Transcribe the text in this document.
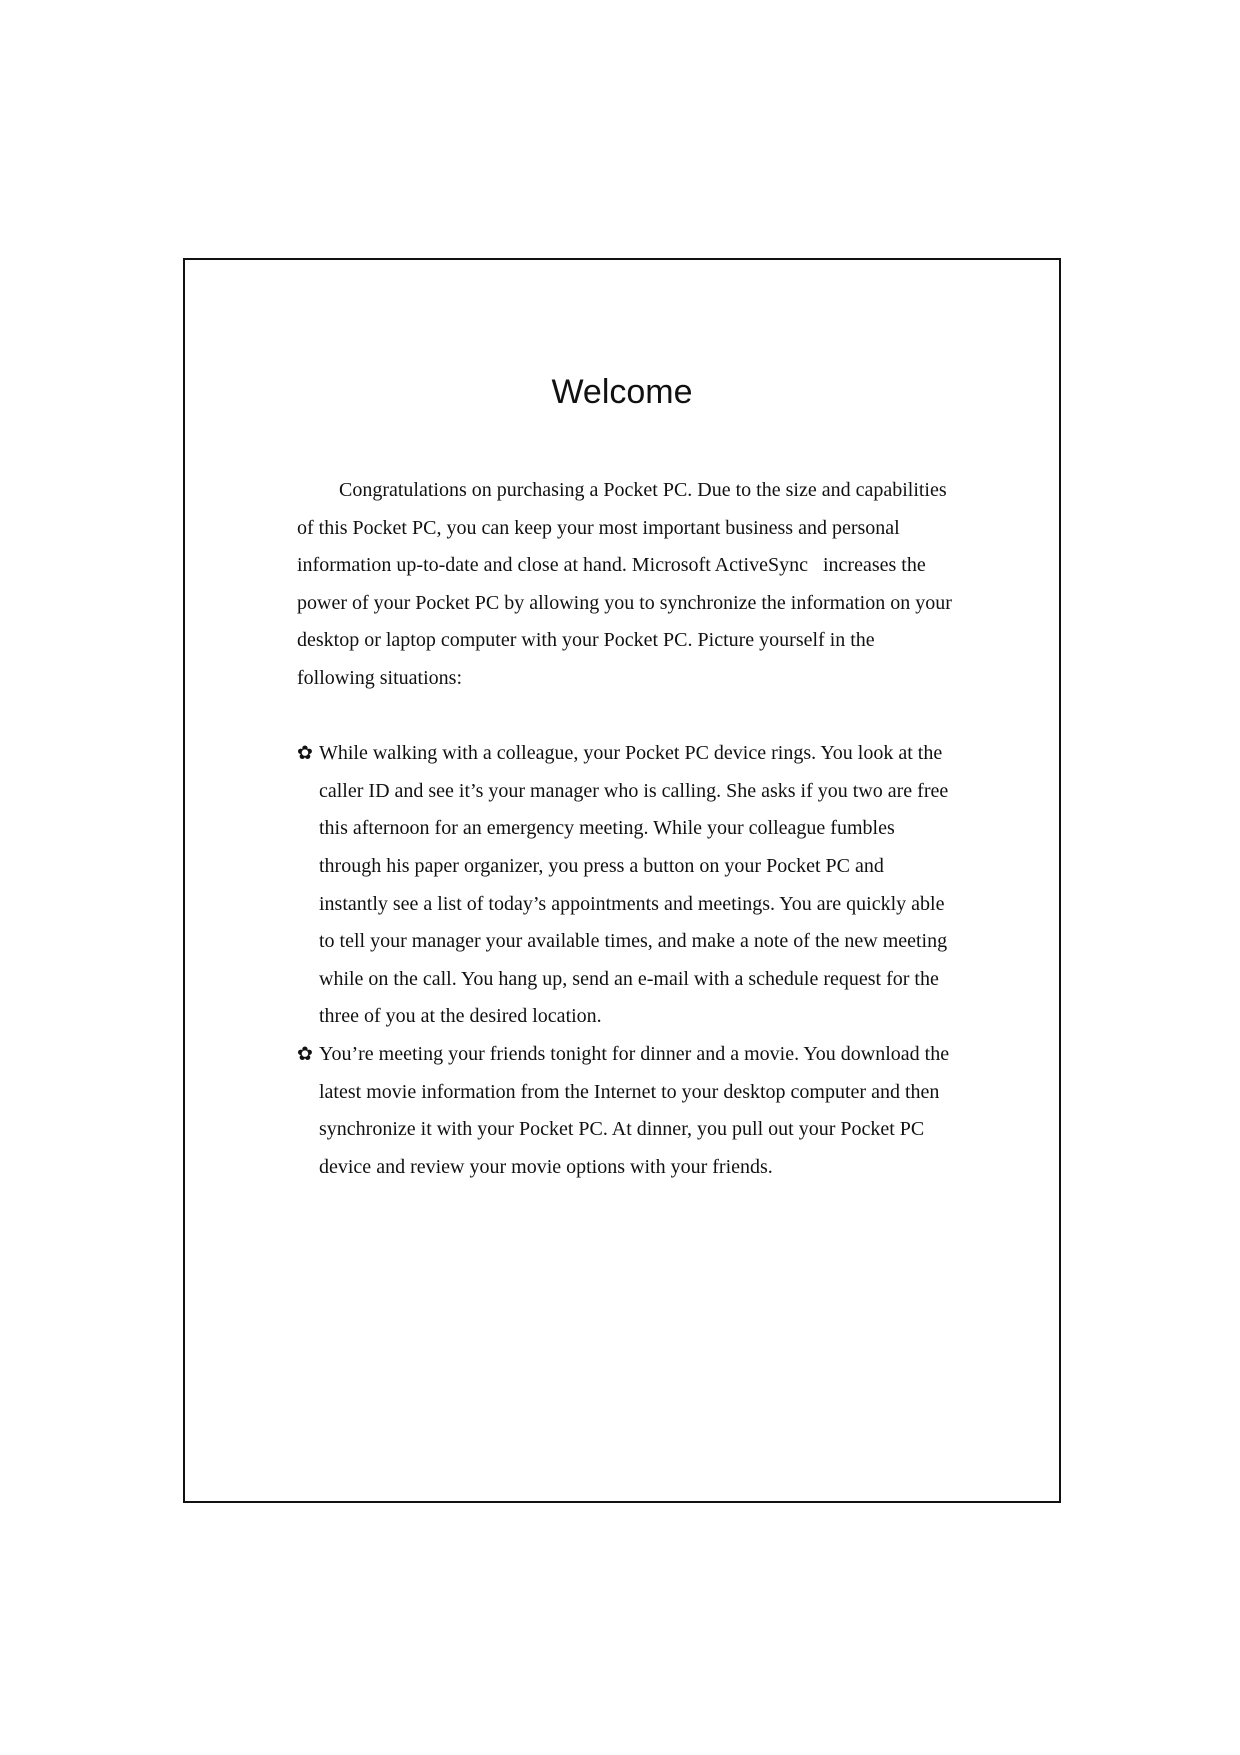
Welcome

Congratulations on purchasing a Pocket PC. Due to the size and capabilities of this Pocket PC, you can keep your most important business and personal information up-to-date and close at hand. Microsoft ActiveSync   increases the power of your Pocket PC by allowing you to synchronize the information on your desktop or laptop computer with your Pocket PC. Picture yourself in the following situations:

✿ While walking with a colleague, your Pocket PC device rings. You look at the caller ID and see it’s your manager who is calling. She asks if you two are free this afternoon for an emergency meeting. While your colleague fumbles through his paper organizer, you press a button on your Pocket PC and instantly see a list of today’s appointments and meetings. You are quickly able to tell your manager your available times, and make a note of the new meeting while on the call. You hang up, send an e-mail with a schedule request for the three of you at the desired location.
✿ You’re meeting your friends tonight for dinner and a movie. You download the latest movie information from the Internet to your desktop computer and then synchronize it with your Pocket PC. At dinner, you pull out your Pocket PC device and review your movie options with your friends.
